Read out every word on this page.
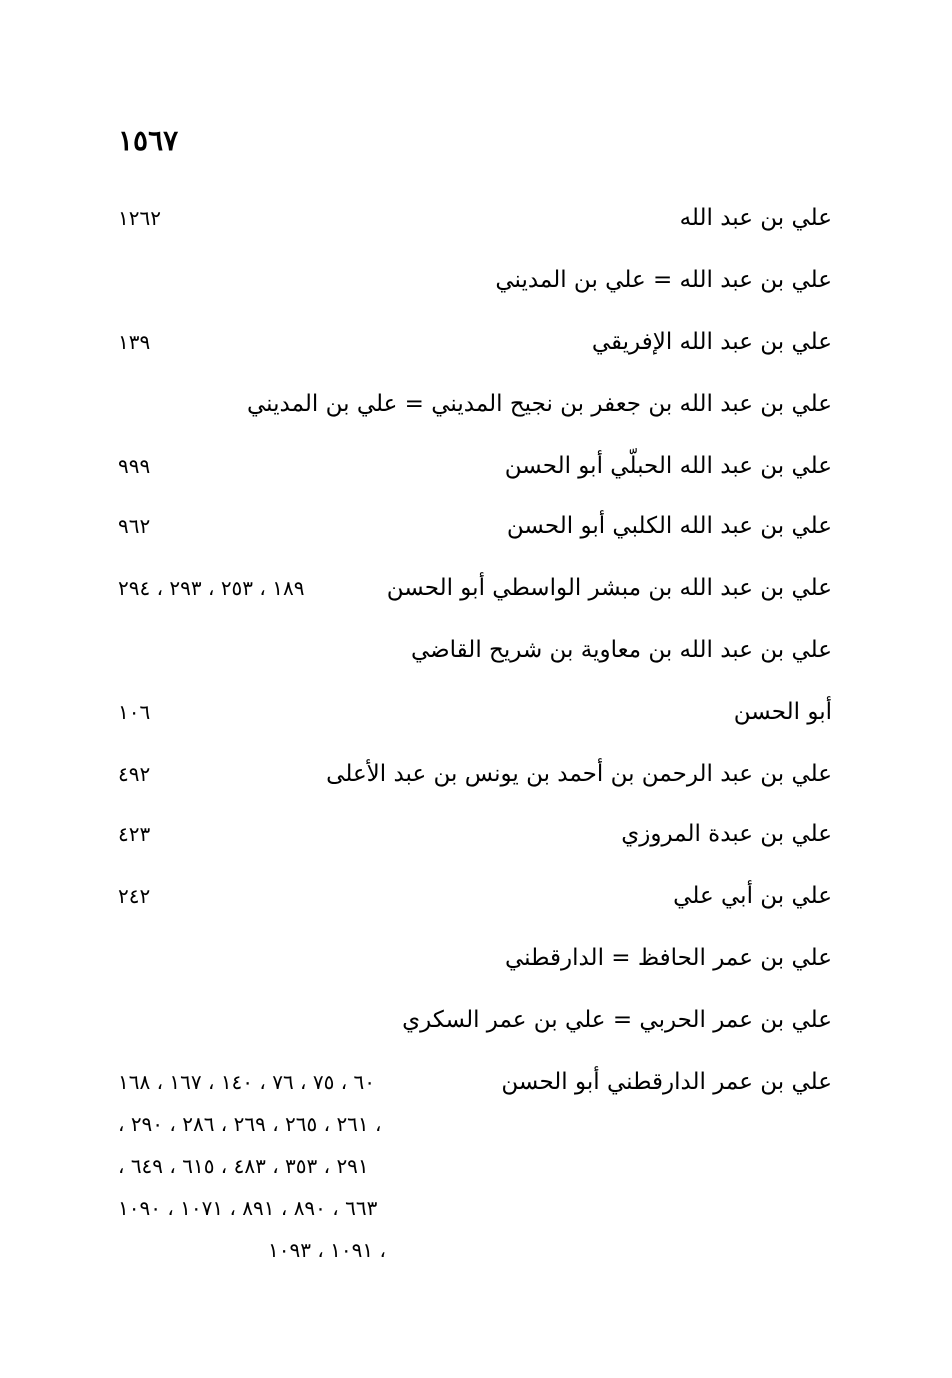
١٥٦٧
علي بن عبد الله
١٢٦٢
علي بن عبد الله = علي بن المديني
علي بن عبد الله الإفريقي
١٣٩
علي بن عبد الله بن جعفر بن نجيح المديني = علي بن المديني
علي بن عبد الله الحبلّي أبو الحسن
٩٩٩
علي بن عبد الله الكلبي أبو الحسن
٩٦٢
علي بن عبد الله بن مبشر الواسطي أبو الحسن
١٨٩ ، ٢٥٣ ، ٢٩٣ ، ٢٩٤
علي بن عبد الله بن معاوية بن شريح القاضي
أبو الحسن
١٠٦
علي بن عبد الرحمن بن أحمد بن يونس بن عبد الأعلى
٤٩٢
علي بن عبدة المروزي
٤٢٣
علي بن أبي علي
٢٤٢
علي بن عمر الحافظ = الدارقطني
علي بن عمر الحربي = علي بن عمر السكري
علي بن عمر الدارقطني أبو الحسن
٦٠ ، ٧٥ ، ٧٦ ، ١٤٠ ، ١٦٧ ، ١٦٨
، ٢٦١ ، ٢٦٥ ، ٢٦٩ ، ٢٨٦ ، ٢٩٠ ،
٢٩١ ، ٣٥٣ ، ٤٨٣ ، ٦١٥ ، ٦٤٩ ،
٦٦٣ ، ٨٩٠ ، ٨٩١ ، ١٠٧١ ، ١٠٩٠
، ١٠٩١ ، ١٠٩٣
